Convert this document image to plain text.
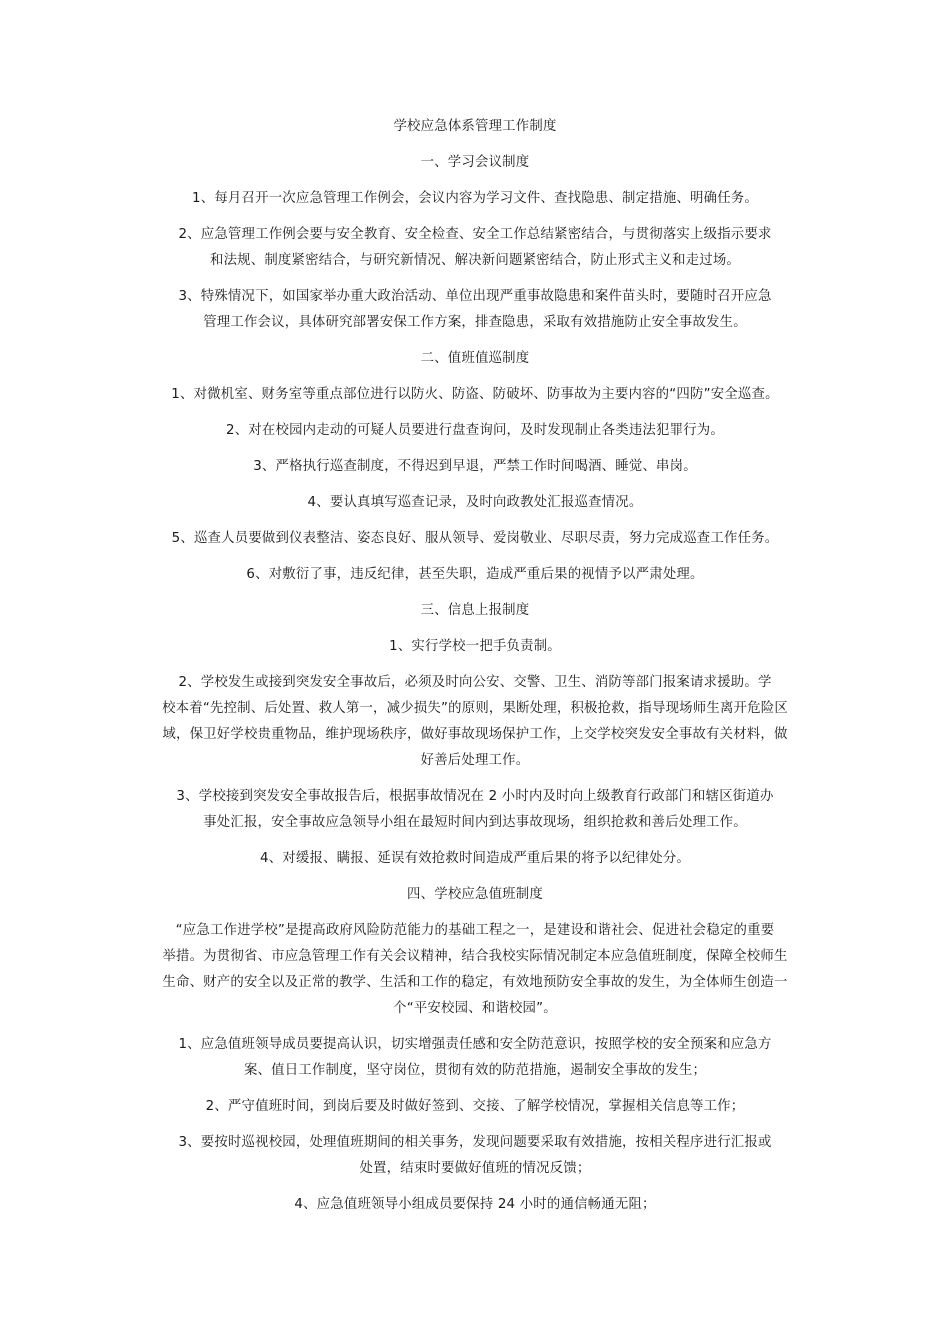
学校应急体系管理工作制度

一、学习会议制度

1、每月召开一次应急管理工作例会，会议内容为学习文件、查找隐患、制定措施、明确任务。

2、应急管理工作例会要与安全教育、安全检查、安全工作总结紧密结合，与贯彻落实上级指示要求

和法规、制度紧密结合，与研究新情况、解决新问题紧密结合，防止形式主义和走过场。

3、特殊情况下，如国家举办重大政治活动、单位出现严重事故隐患和案件苗头时，要随时召开应急

管理工作会议，具体研究部署安保工作方案，排查隐患，采取有效措施防止安全事故发生。

二、值班值巡制度

1、对微机室、财务室等重点部位进行以防火、防盗、防破坏、防事故为主要内容的“四防”安全巡查。

2、对在校园内走动的可疑人员要进行盘查询问，及时发现制止各类违法犯罪行为。

3、严格执行巡查制度，不得迟到早退，严禁工作时间喝酒、睡觉、串岗。

4、要认真填写巡查记录，及时向政教处汇报巡查情况。

5、巡查人员要做到仪表整洁、姿态良好、服从领导、爱岗敬业、尽职尽责，努力完成巡查工作任务。

6、对敷衍了事，违反纪律，甚至失职，造成严重后果的视情予以严肃处理。

三、信息上报制度

1、实行学校一把手负责制。

2、学校发生或接到突发安全事故后，必须及时向公安、交警、卫生、消防等部门报案请求援助。学

校本着“先控制、后处置、救人第一，减少损失”的原则，果断处理，积极抢救，指导现场师生离开危险区

域，保卫好学校贵重物品，维护现场秩序，做好事故现场保护工作，上交学校突发安全事故有关材料，做

好善后处理工作。

3、学校接到突发安全事故报告后，根据事故情况在 2 小时内及时向上级教育行政部门和辖区街道办

事处汇报，安全事故应急领导小组在最短时间内到达事故现场，组织抢救和善后处理工作。

4、对缓报、瞒报、延误有效抢救时间造成严重后果的将予以纪律处分。

四、学校应急值班制度

“应急工作进学校”是提高政府风险防范能力的基础工程之一，是建设和谐社会、促进社会稳定的重要

举措。为贯彻省、市应急管理工作有关会议精神，结合我校实际情况制定本应急值班制度，保障全校师生

生命、财产的安全以及正常的教学、生活和工作的稳定，有效地预防安全事故的发生，为全体师生创造一

个“平安校园、和谐校园”。

1、应急值班领导成员要提高认识，切实增强责任感和安全防范意识，按照学校的安全预案和应急方

案、值日工作制度，坚守岗位，贯彻有效的防范措施，遏制安全事故的发生；

2、严守值班时间，到岗后要及时做好签到、交接、了解学校情况，掌握相关信息等工作；

3、要按时巡视校园，处理值班期间的相关事务，发现问题要采取有效措施，按相关程序进行汇报或

处置，结束时要做好值班的情况反馈；

4、应急值班领导小组成员要保持 24 小时的通信畅通无阻；
